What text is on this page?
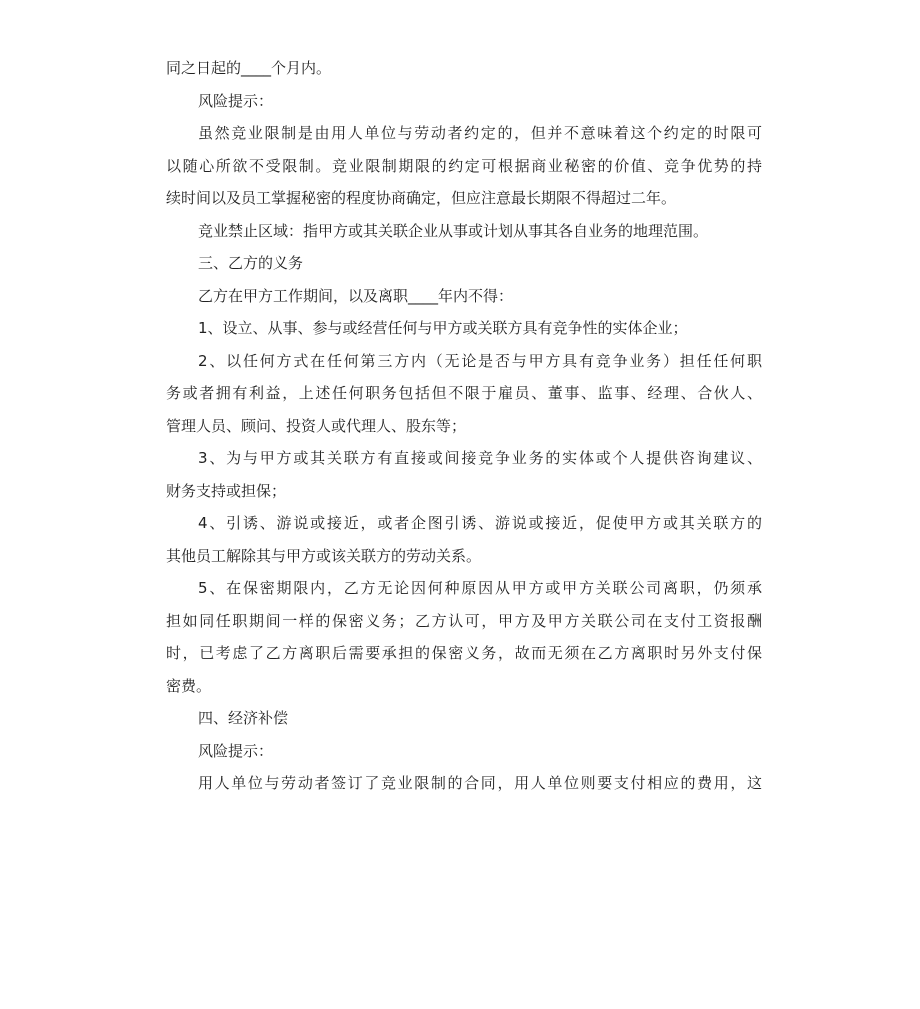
同之日起的____个月内。
风险提示：
虽然竞业限制是由用人单位与劳动者约定的，但并不意味着这个约定的时限可
以随心所欲不受限制。竞业限制期限的约定可根据商业秘密的价值、竞争优势的持
续时间以及员工掌握秘密的程度协商确定，但应注意最长期限不得超过二年。
竞业禁止区域：指甲方或其关联企业从事或计划从事其各自业务的地理范围。
三、乙方的义务
乙方在甲方工作期间，以及离职____年内不得：
1、设立、从事、参与或经营任何与甲方或关联方具有竞争性的实体企业；
2、以任何方式在任何第三方内（无论是否与甲方具有竞争业务）担任任何职
务或者拥有利益，上述任何职务包括但不限于雇员、董事、监事、经理、合伙人、
管理人员、顾问、投资人或代理人、股东等；
3、为与甲方或其关联方有直接或间接竞争业务的实体或个人提供咨询建议、
财务支持或担保；
4、引诱、游说或接近，或者企图引诱、游说或接近，促使甲方或其关联方的
其他员工解除其与甲方或该关联方的劳动关系。
5、在保密期限内，乙方无论因何种原因从甲方或甲方关联公司离职，仍须承
担如同任职期间一样的保密义务；乙方认可，甲方及甲方关联公司在支付工资报酬
时，已考虑了乙方离职后需要承担的保密义务，故而无须在乙方离职时另外支付保
密费。
四、经济补偿
风险提示：
用人单位与劳动者签订了竞业限制的合同，用人单位则要支付相应的费用，这
